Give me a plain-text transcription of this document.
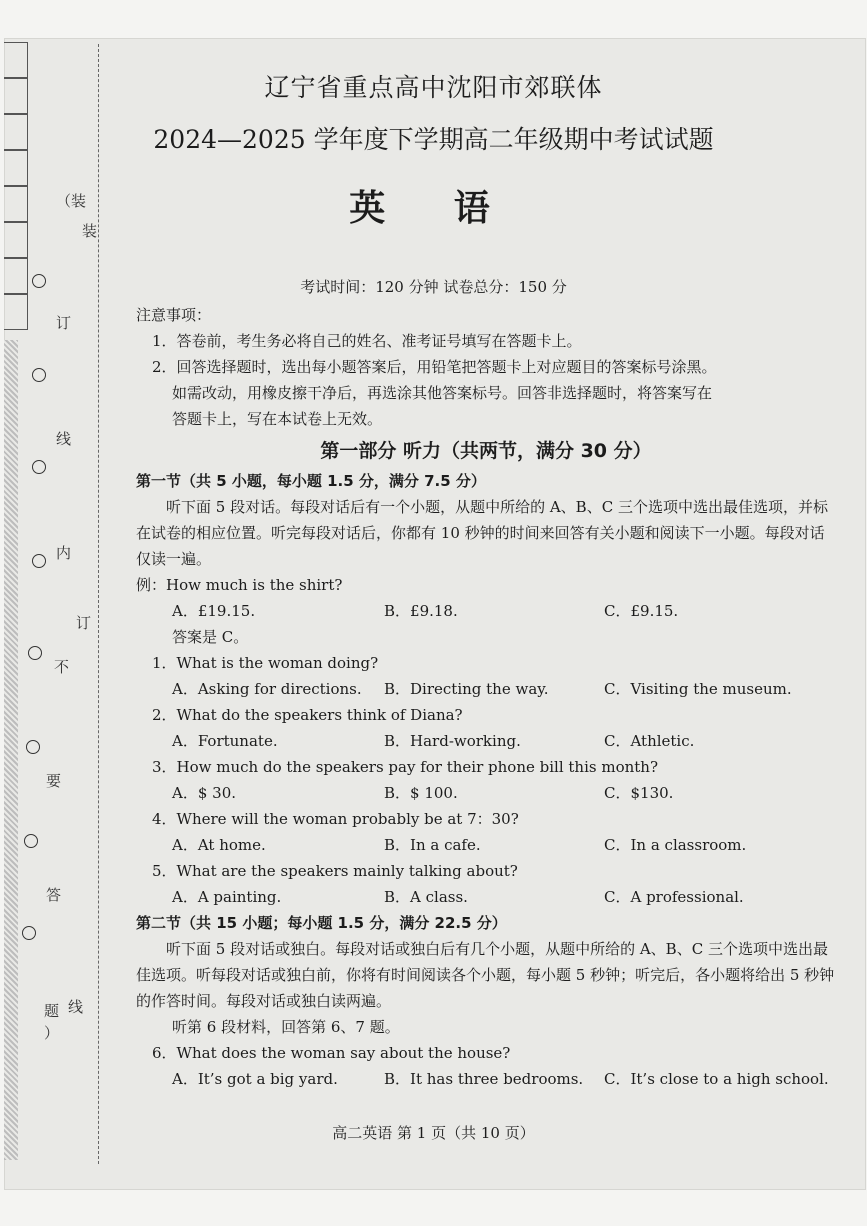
（装
装
订
线
内
订
不
要
答
题 线
）
辽宁省重点高中沈阳市郊联体
2024—2025 学年度下学期高二年级期中考试试题
英 语
考试时间：120 分钟 试卷总分：150 分
注意事项：
1．答卷前，考生务必将自己的姓名、准考证号填写在答题卡上。
2．回答选择题时，选出每小题答案后，用铅笔把答题卡上对应题目的答案标号涂黑。
如需改动，用橡皮擦干净后，再选涂其他答案标号。回答非选择题时，将答案写在
答题卡上，写在本试卷上无效。
第一部分 听力（共两节，满分 30 分）
第一节（共 5 小题，每小题 1.5 分，满分 7.5 分）
听下面 5 段对话。每段对话后有一个小题，从题中所给的 A、B、C 三个选项中选出最佳选项，并标在试卷的相应位置。听完每段对话后，你都有 10 秒钟的时间来回答有关小题和阅读下一小题。每段对话仅读一遍。
例：How much is the shirt?
A．£19.15.	B．£9.18.	C．£9.15.
答案是 C。
1．What is the woman doing?
A．Asking for directions.	B．Directing the way.	C．Visiting the museum.
2．What do the speakers think of Diana?
A．Fortunate.	B．Hard-working.	C．Athletic.
3．How much do the speakers pay for their phone bill this month?
A．$ 30.	B．$ 100.	C．$130.
4．Where will the woman probably be at 7：30?
A．At home.	B．In a cafe.	C．In a classroom.
5．What are the speakers mainly talking about?
A．A painting.	B．A class.	C．A professional.
第二节（共 15 小题；每小题 1.5 分，满分 22.5 分）
听下面 5 段对话或独白。每段对话或独白后有几个小题，从题中所给的 A、B、C 三个选项中选出最佳选项。听每段对话或独白前，你将有时间阅读各个小题，每小题 5 秒钟；听完后，各小题将给出 5 秒钟的作答时间。每段对话或独白读两遍。
听第 6 段材料，回答第 6、7 题。
6．What does the woman say about the house?
A．It’s got a big yard.	B．It has three bedrooms.	C．It’s close to a high school.
高二英语 第 1 页（共 10 页）
